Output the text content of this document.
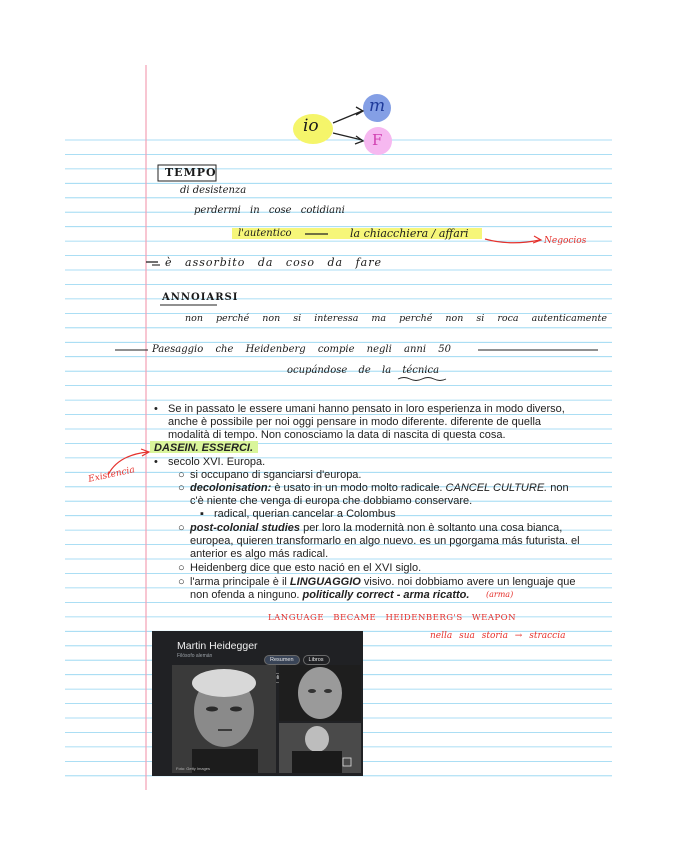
io
m
F
TEMPO
di desistenza
perdermi in cose cotidiani
l'autentico	la chiacchiera / affari
Negocios
è assorbito da coso da fare
ANNOIARSI
non perché non si interessa ma perché non si roca autenticamente
Paesaggio che Heidenberg compie negli anni 50
ocupándose de la técnica
• Se in passato le essere umani hanno pensato in loro esperienza in modo diverso,
anche è possibile per noi oggi pensare in modo diferente. diferente de quella
modalità di tempo. Non conosciamo la data di nascita di questa cosa.
DASEIN. ESSERCI.
Existencia
• secolo XVI. Europa.
○ si occupano di sganciarsi d'europa.
○ decolonisation: è usato in un modo molto radicale. CANCEL CULTURE. non
c'è niente che venga di europa che dobbiamo conservare.
▪ radical, querian cancelar a Colombus
○ post-colonial studies per loro la modernità non è soltanto una cosa bianca,
europea, quieren transformarlo en algo nuevo. es un pgorgama más futurista. el
anterior es algo más radical.
○ Heidenberg dice que esto nació en el XVI siglo.
○ l'arma principale è il LINGUAGGIO visivo. noi dobbiamo avere un lenguaje que
non ofenda a ninguno. politically correct - arma ricatto. (arma)
LANGUAGE BECAME HEIDENBERG'S WEAPON
nella sua storia → straccia
Martin Heidegger
Filósofo alemán
Resumen	Libros
Foto: Getty Images
